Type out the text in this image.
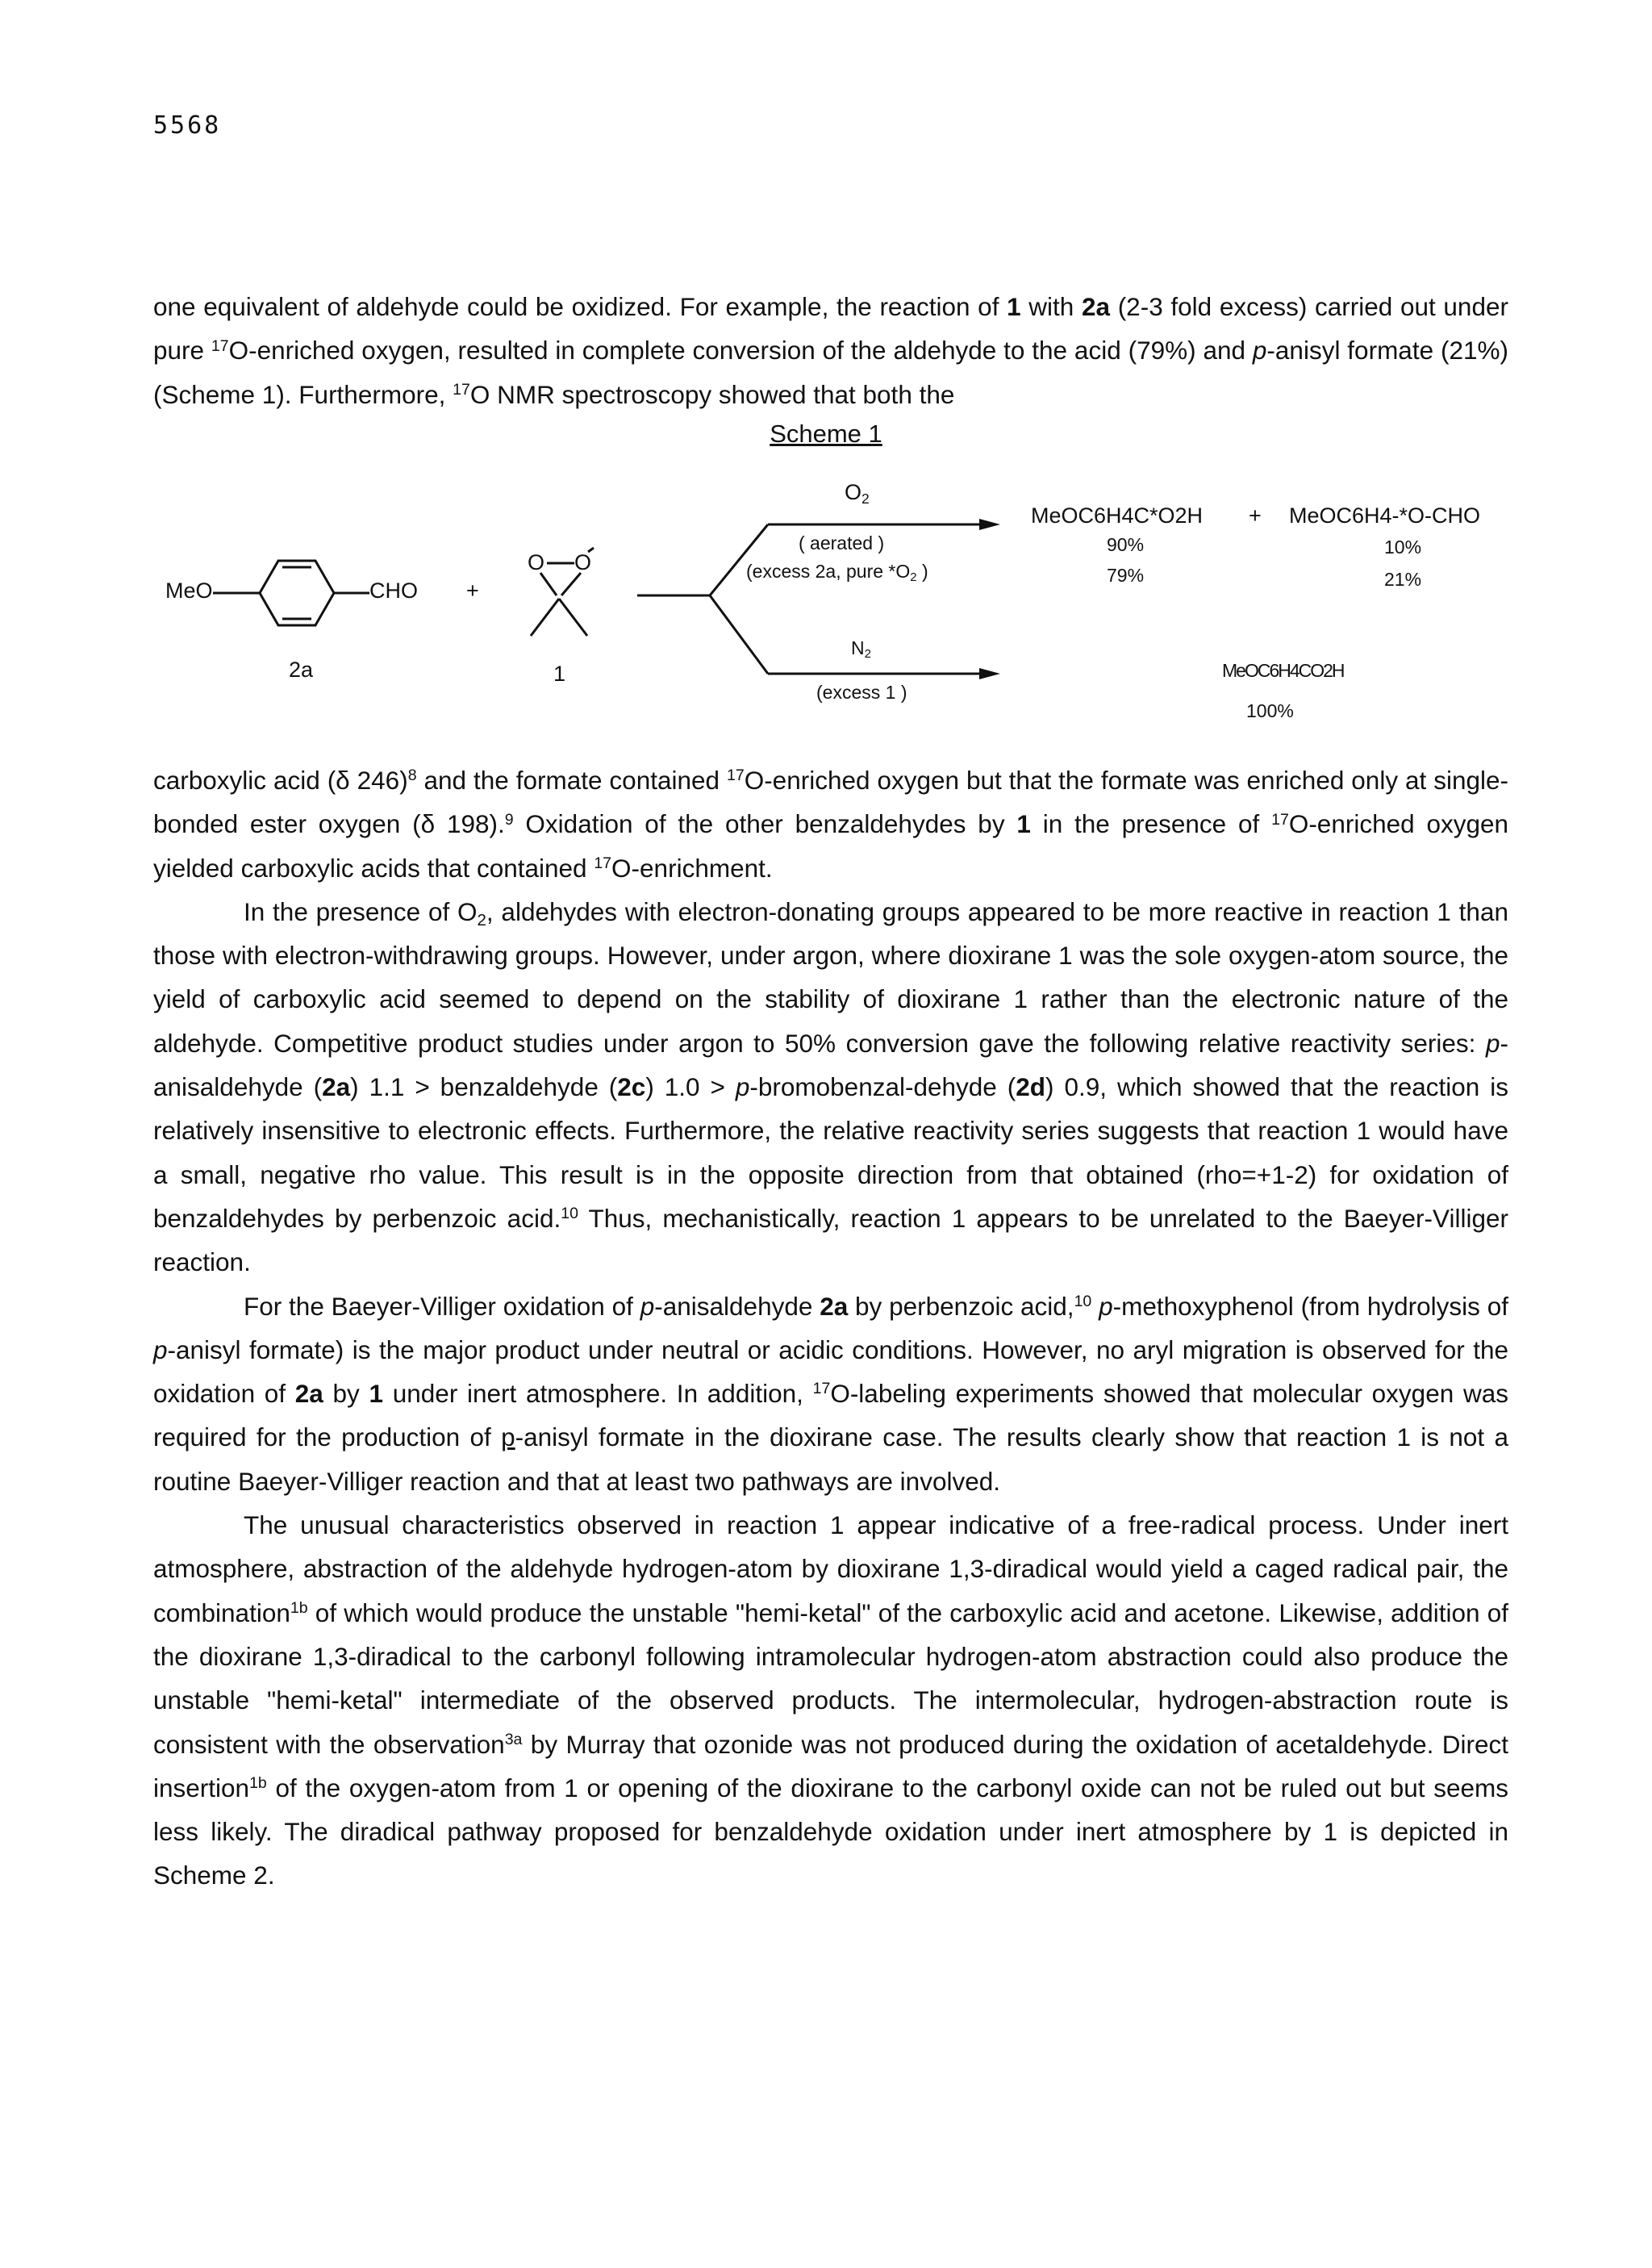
5568

one equivalent of aldehyde could be oxidized. For example, the reaction of 1 with 2a (2-3 fold excess) carried out under pure $^{17}$O-enriched oxygen, resulted in complete conversion of the aldehyde to the acid (79%) and p-anisyl formate (21%) (Scheme 1). Furthermore, $^{17}$O NMR spectroscopy showed that both the

Scheme 1
MeO	CHO +
2a
O O
1
$O_2$
( aerated )
(excess 2a, pure $*O_2$ )
MeOC6H4C*O2H + MeOC6H4-*O-CHO
90%
79%
10%
21%
$N_2$
(excess 1 )
MeOC6H4CO2H
100%

carboxylic acid (δ 246)$^8$ and the formate contained $^{17}$O-enriched oxygen but that the formate was enriched only at single-bonded ester oxygen (δ 198).$^9$ Oxidation of the other benzaldehydes by 1 in the presence of $^{17}$O-enriched oxygen yielded carboxylic acids that contained $^{17}$O-enrichment.

In the presence of $O_2$, aldehydes with electron-donating groups appeared to be more reactive in reaction 1 than those with electron-withdrawing groups. However, under argon, where dioxirane 1 was the sole oxygen-atom source, the yield of carboxylic acid seemed to depend on the stability of dioxirane 1 rather than the electronic nature of the aldehyde. Competitive product studies under argon to 50% conversion gave the following relative reactivity series: p-anisaldehyde (2a) 1.1 > benzaldehyde (2c) 1.0 > p-bromobenzal-dehyde (2d) 0.9, which showed that the reaction is relatively insensitive to electronic effects. Furthermore, the relative reactivity series suggests that reaction 1 would have a small, negative rho value. This result is in the opposite direction from that obtained (rho=+1-2) for oxidation of benzaldehydes by perbenzoic acid.$^{10}$ Thus, mechanistically, reaction 1 appears to be unrelated to the Baeyer-Villiger reaction.

For the Baeyer-Villiger oxidation of p-anisaldehyde 2a by perbenzoic acid,$^{10}$ p-methoxyphenol (from hydrolysis of p-anisyl formate) is the major product under neutral or acidic conditions. However, no aryl migration is observed for the oxidation of 2a by 1 under inert atmosphere. In addition, $^{17}$O-labeling experiments showed that molecular oxygen was required for the production of p-anisyl formate in the dioxirane case. The results clearly show that reaction 1 is not a routine Baeyer-Villiger reaction and that at least two pathways are involved.

The unusual characteristics observed in reaction 1 appear indicative of a free-radical process. Under inert atmosphere, abstraction of the aldehyde hydrogen-atom by dioxirane 1,3-diradical would yield a caged radical pair, the combination$^{1b}$ of which would produce the unstable "hemi-ketal" of the carboxylic acid and acetone. Likewise, addition of the dioxirane 1,3-diradical to the carbonyl following intramolecular hydrogen-atom abstraction could also produce the unstable "hemi-ketal" intermediate of the observed products. The intermolecular, hydrogen-abstraction route is consistent with the observation$^{3a}$ by Murray that ozonide was not produced during the oxidation of acetaldehyde. Direct insertion$^{1b}$ of the oxygen-atom from 1 or opening of the dioxirane to the carbonyl oxide can not be ruled out but seems less likely. The diradical pathway proposed for benzaldehyde oxidation under inert atmosphere by 1 is depicted in Scheme 2.
